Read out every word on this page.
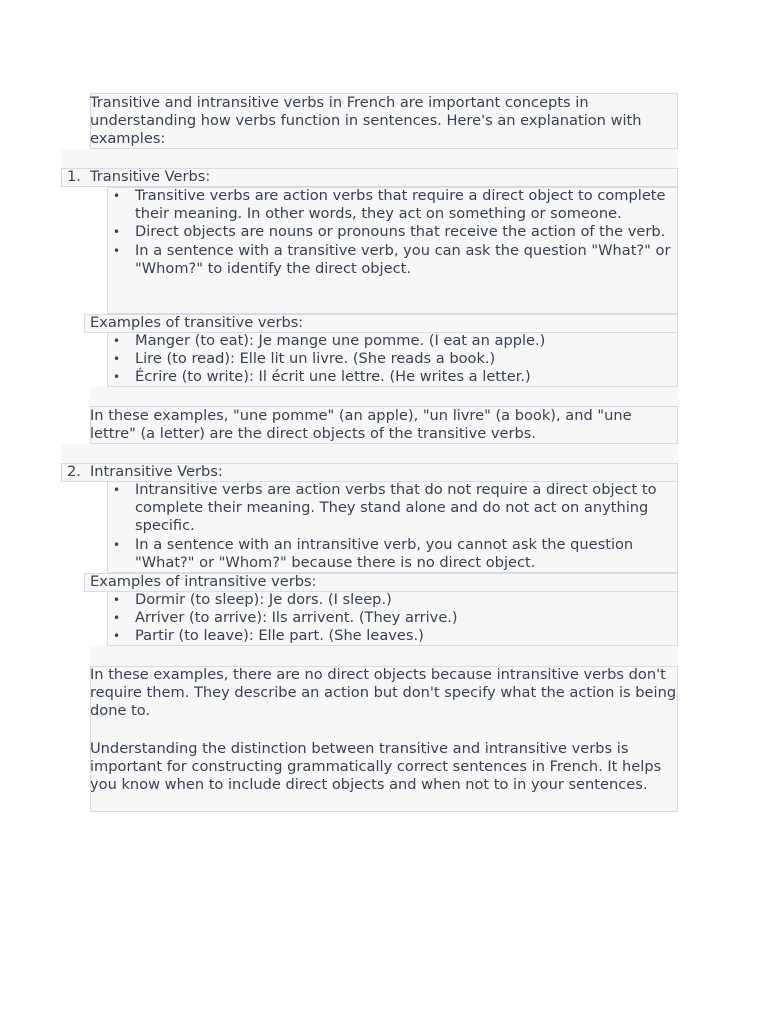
Transitive and intransitive verbs in French are important concepts in understanding how verbs function in sentences. Here's an explanation with examples:

1. Transitive Verbs:
• Transitive verbs are action verbs that require a direct object to complete their meaning. In other words, they act on something or someone.
• Direct objects are nouns or pronouns that receive the action of the verb.
• In a sentence with a transitive verb, you can ask the question "What?" or "Whom?" to identify the direct object.
Examples of transitive verbs:
• Manger (to eat): Je mange une pomme. (I eat an apple.)
• Lire (to read): Elle lit un livre. (She reads a book.)
• Écrire (to write): Il écrit une lettre. (He writes a letter.)

In these examples, "une pomme" (an apple), "un livre" (a book), and "une lettre" (a letter) are the direct objects of the transitive verbs.

2. Intransitive Verbs:
• Intransitive verbs are action verbs that do not require a direct object to complete their meaning. They stand alone and do not act on anything specific.
• In a sentence with an intransitive verb, you cannot ask the question "What?" or "Whom?" because there is no direct object.
Examples of intransitive verbs:
• Dormir (to sleep): Je dors. (I sleep.)
• Arriver (to arrive): Ils arrivent. (They arrive.)
• Partir (to leave): Elle part. (She leaves.)

In these examples, there are no direct objects because intransitive verbs don't require them. They describe an action but don't specify what the action is being done to.

Understanding the distinction between transitive and intransitive verbs is important for constructing grammatically correct sentences in French. It helps you know when to include direct objects and when not to in your sentences.
